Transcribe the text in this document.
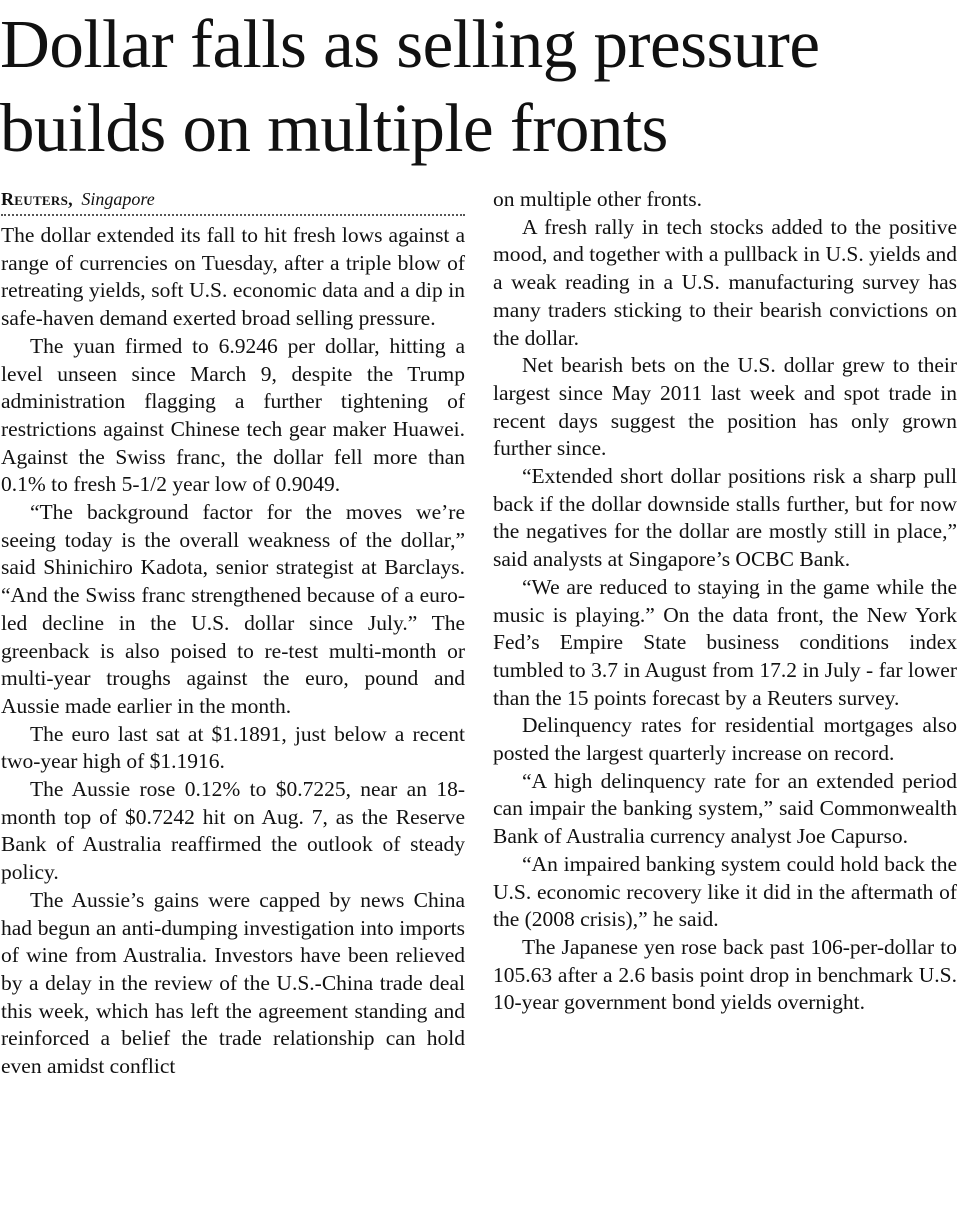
Dollar falls as selling pressure builds on multiple fronts
Reuters, Singapore

The dollar extended its fall to hit fresh lows against a range of currencies on Tuesday, after a triple blow of retreating yields, soft U.S. economic data and a dip in safe-haven demand exerted broad selling pressure.

The yuan firmed to 6.9246 per dollar, hitting a level unseen since March 9, despite the Trump administration flagging a further tightening of restrictions against Chinese tech gear maker Huawei. Against the Swiss franc, the dollar fell more than 0.1% to fresh 5-1/2 year low of 0.9049.

“The background factor for the moves we’re seeing today is the overall weakness of the dollar,” said Shinichiro Kadota, senior strategist at Barclays. “And the Swiss franc strengthened because of a euro-led decline in the U.S. dollar since July.” The greenback is also poised to re-test multi-month or multi-year troughs against the euro, pound and Aussie made earlier in the month.

The euro last sat at $1.1891, just below a recent two-year high of $1.1916.

The Aussie rose 0.12% to $0.7225, near an 18-month top of $0.7242 hit on Aug. 7, as the Reserve Bank of Australia reaffirmed the outlook of steady policy.

The Aussie’s gains were capped by news China had begun an anti-dumping investigation into imports of wine from Australia. Investors have been relieved by a delay in the review of the U.S.-China trade deal this week, which has left the agreement standing and reinforced a belief the trade relationship can hold even amidst conflict

on multiple other fronts.

A fresh rally in tech stocks added to the positive mood, and together with a pullback in U.S. yields and a weak reading in a U.S. manufacturing survey has many traders sticking to their bearish convictions on the dollar.

Net bearish bets on the U.S. dollar grew to their largest since May 2011 last week and spot trade in recent days suggest the position has only grown further since.

“Extended short dollar positions risk a sharp pull back if the dollar downside stalls further, but for now the negatives for the dollar are mostly still in place,” said analysts at Singapore’s OCBC Bank.

“We are reduced to staying in the game while the music is playing.” On the data front, the New York Fed’s Empire State business conditions index tumbled to 3.7 in August from 17.2 in July - far lower than the 15 points forecast by a Reuters survey.

Delinquency rates for residential mortgages also posted the largest quarterly increase on record.

“A high delinquency rate for an extended period can impair the banking system,” said Commonwealth Bank of Australia currency analyst Joe Capurso.

“An impaired banking system could hold back the U.S. economic recovery like it did in the aftermath of the (2008 crisis),” he said.

The Japanese yen rose back past 106-per-dollar to 105.63 after a 2.6 basis point drop in benchmark U.S. 10-year government bond yields overnight.
